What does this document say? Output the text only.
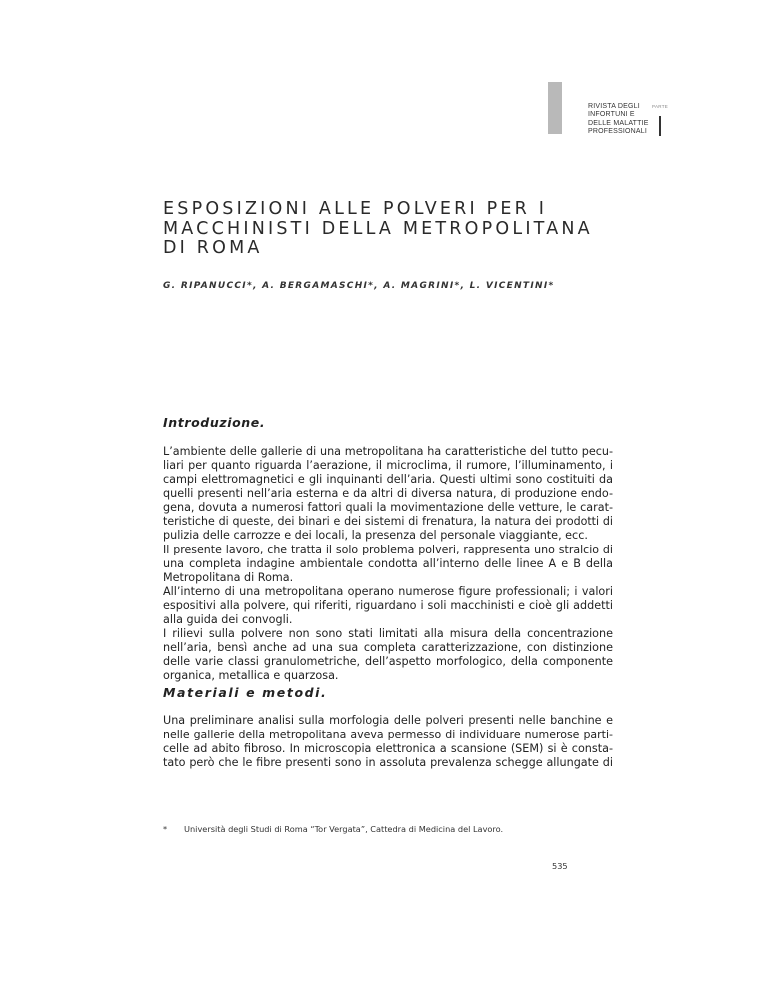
RIVISTA DEGLI
INFORTUNI E
DELLE MALATTIE
PROFESSIONALI
PARTE
ESPOSIZIONI ALLE POLVERI PER I
MACCHINISTI DELLA METROPOLITANA
DI ROMA

G. RIPANUCCI*, A. BERGAMASCHI*, A. MAGRINI*, L. VICENTINI*

Introduzione.
L’ambiente delle gallerie di una metropolitana ha caratteristiche del tutto pecu-
liari per quanto riguarda l’aerazione, il microclima, il rumore, l’illuminamento, i
campi elettromagnetici e gli inquinanti dell’aria. Questi ultimi sono costituiti da
quelli presenti nell’aria esterna e da altri di diversa natura, di produzione endo-
gena, dovuta a numerosi fattori quali la movimentazione delle vetture, le carat-
teristiche di queste, dei binari e dei sistemi di frenatura, la natura dei prodotti di
pulizia delle carrozze e dei locali, la presenza del personale viaggiante, ecc.
Il presente lavoro, che tratta il solo problema polveri, rappresenta uno stralcio di
una completa indagine ambientale condotta all’interno delle linee A e B della
Metropolitana di Roma.
All’interno di una metropolitana operano numerose figure professionali; i valori
espositivi alla polvere, qui riferiti, riguardano i soli macchinisti e cioè gli addetti
alla guida dei convogli.
I rilievi sulla polvere non sono stati limitati alla misura della concentrazione
nell’aria, bensì anche ad una sua completa caratterizzazione, con distinzione
delle varie classi granulometriche, dell’aspetto morfologico, della componente
organica, metallica e quarzosa.
Materiali e metodi.
Una preliminare analisi sulla morfologia delle polveri presenti nelle banchine e
nelle gallerie della metropolitana aveva permesso di individuare numerose parti-
celle ad abito fibroso. In microscopia elettronica a scansione (SEM) si è consta-
tato però che le fibre presenti sono in assoluta prevalenza schegge allungate di

* Università degli Studi di Roma “Tor Vergata”, Cattedra di Medicina del Lavoro.

535
